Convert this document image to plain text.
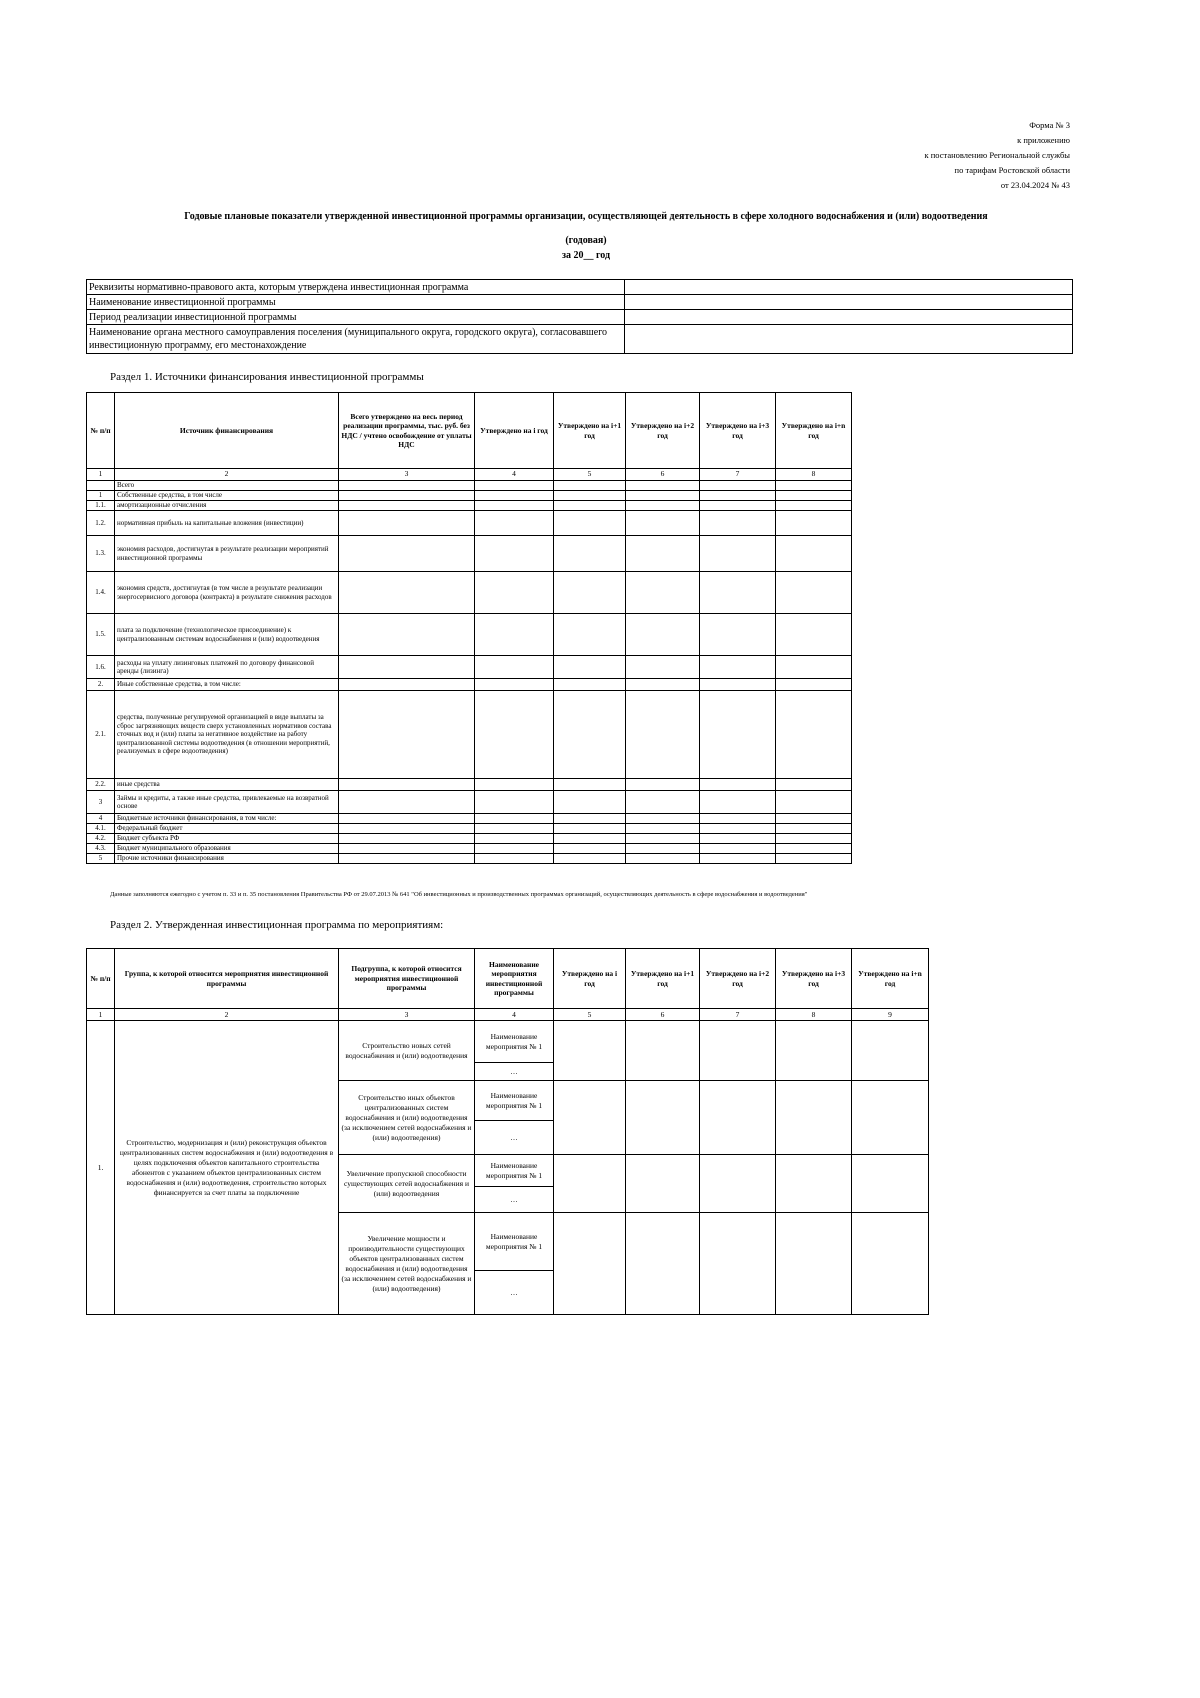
Форма № 3
к приложению
к постановлению Региональной службы
по тарифам Ростовской области
от 23.04.2024 № 43
Годовые плановые показатели утвержденной инвестиционной программы организации, осуществляющей деятельность в сфере холодного водоснабжения и (или) водоотведения
(годовая)
за 20__ год
Реквизиты нормативно-правового акта, которым утверждена инвестиционная программа	
Наименование инвестиционной программы	
Период реализации инвестиционной программы	
Наименование органа местного самоуправления поселения (муниципального округа, городского округа), согласовавшего инвестиционную программу, его местонахождение	
Раздел 1. Источники финансирования инвестиционной программы
№ п/п	Источник финансирования	Всего утверждено на весь период реализации программы, тыс. руб. без НДС / учтено освобождение от уплаты НДС	Утверждено на i год	Утверждено на i+1 год	Утверждено на i+2 год	Утверждено на i+3 год	Утверждено на i+n год
1	2	3	4	5	6	7	8
	Всего						
1	Собственные средства, в том числе						
1.1.	амортизационные отчисления						
1.2.	нормативная прибыль на капитальные вложения (инвестиции)						
1.3.	экономия расходов, достигнутая в результате реализации мероприятий инвестиционной программы						
1.4.	экономия средств, достигнутая (в том числе в результате реализации энергосервисного договора (контракта) в результате снижения расходов						
1.5.	плата за подключение (технологическое присоединение) к централизованным системам водоснабжения и (или) водоотведения						
1.6.	расходы на уплату лизинговых платежей по договору финансовой аренды (лизинга)						
2.	Иные собственные средства, в том числе:						
2.1.	средства, полученные регулируемой организацией в виде выплаты за сброс загрязняющих веществ сверх установленных нормативов состава сточных вод и (или) платы за негативное воздействие на работу централизованной системы водоотведения (в отношении мероприятий, реализуемых в сфере водоотведения)						
2.2.	иные средства						
3	Займы и кредиты, а также иные средства, привлекаемые на возвратной основе						
4	Бюджетные источники финансирования, в том числе:						
4.1.	Федеральный бюджет						
4.2.	Бюджет субъекта РФ						
4.3.	Бюджет муниципального образования						
5	Прочие источники финансирования						
Данные заполняются ежегодно с учетом п. 33 и п. 35 постановления Правительства РФ от 29.07.2013 № 641 "Об инвестиционных и производственных программах организаций, осуществляющих деятельность в сфере водоснабжения и водоотведения"
Раздел 2. Утвержденная инвестиционная программа по мероприятиям:
№ п/п	Группа, к которой относится мероприятия инвестиционной программы	Подгруппа, к которой относится мероприятия инвестиционной программы	Наименование мероприятия инвестиционной программы	Утверждено на i год	Утверждено на i+1 год	Утверждено на i+2 год	Утверждено на i+3 год	Утверждено на i+n год
1	2	3	4	5	6	7	8	9
1.	Строительство, модернизация и (или) реконструкция объектов централизованных систем водоснабжения и (или) водоотведения в целях подключения объектов капитального строительства абонентов с указанием объектов централизованных систем водоснабжения и (или) водоотведения, строительство которых финансируется за счет платы за подключение	Строительство новых сетей водоснабжения и (или) водоотведения	Наименование мероприятия № 1					
			…					
		Строительство иных объектов централизованных систем водоснабжения и (или) водоотведения (за исключением сетей водоснабжения и (или) водоотведения)	Наименование мероприятия № 1					
			…					
		Увеличение пропускной способности существующих сетей водоснабжения и (или) водоотведения	Наименование мероприятия № 1					
			…					
		Увеличение мощности и производительности существующих объектов централизованных систем водоснабжения и (или) водоотведения (за исключением сетей водоснабжения и (или) водоотведения)	Наименование мероприятия № 1					
			…					
